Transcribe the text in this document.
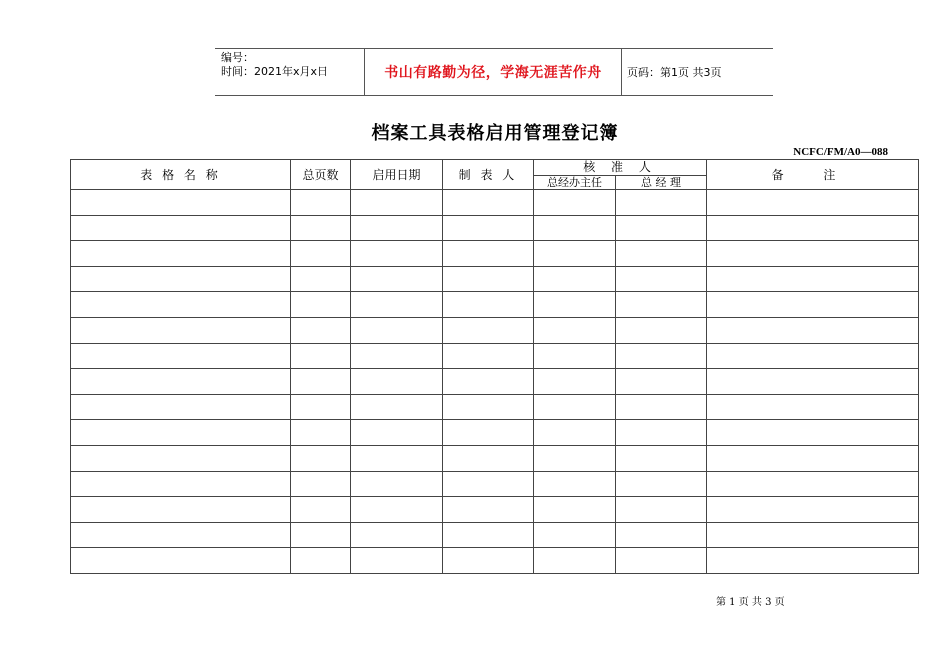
编号：
时间：2021年x月x日	书山有路勤为径，学海无涯苦作舟	页码：第1页 共3页
档案工具表格启用管理登记簿
NCFC/FM/A0—088
表 格 名 称	总页数	启用日期	制 表 人	核 准 人		备 注
				总经办主任	总 经 理	

第 1 页 共 3 页
